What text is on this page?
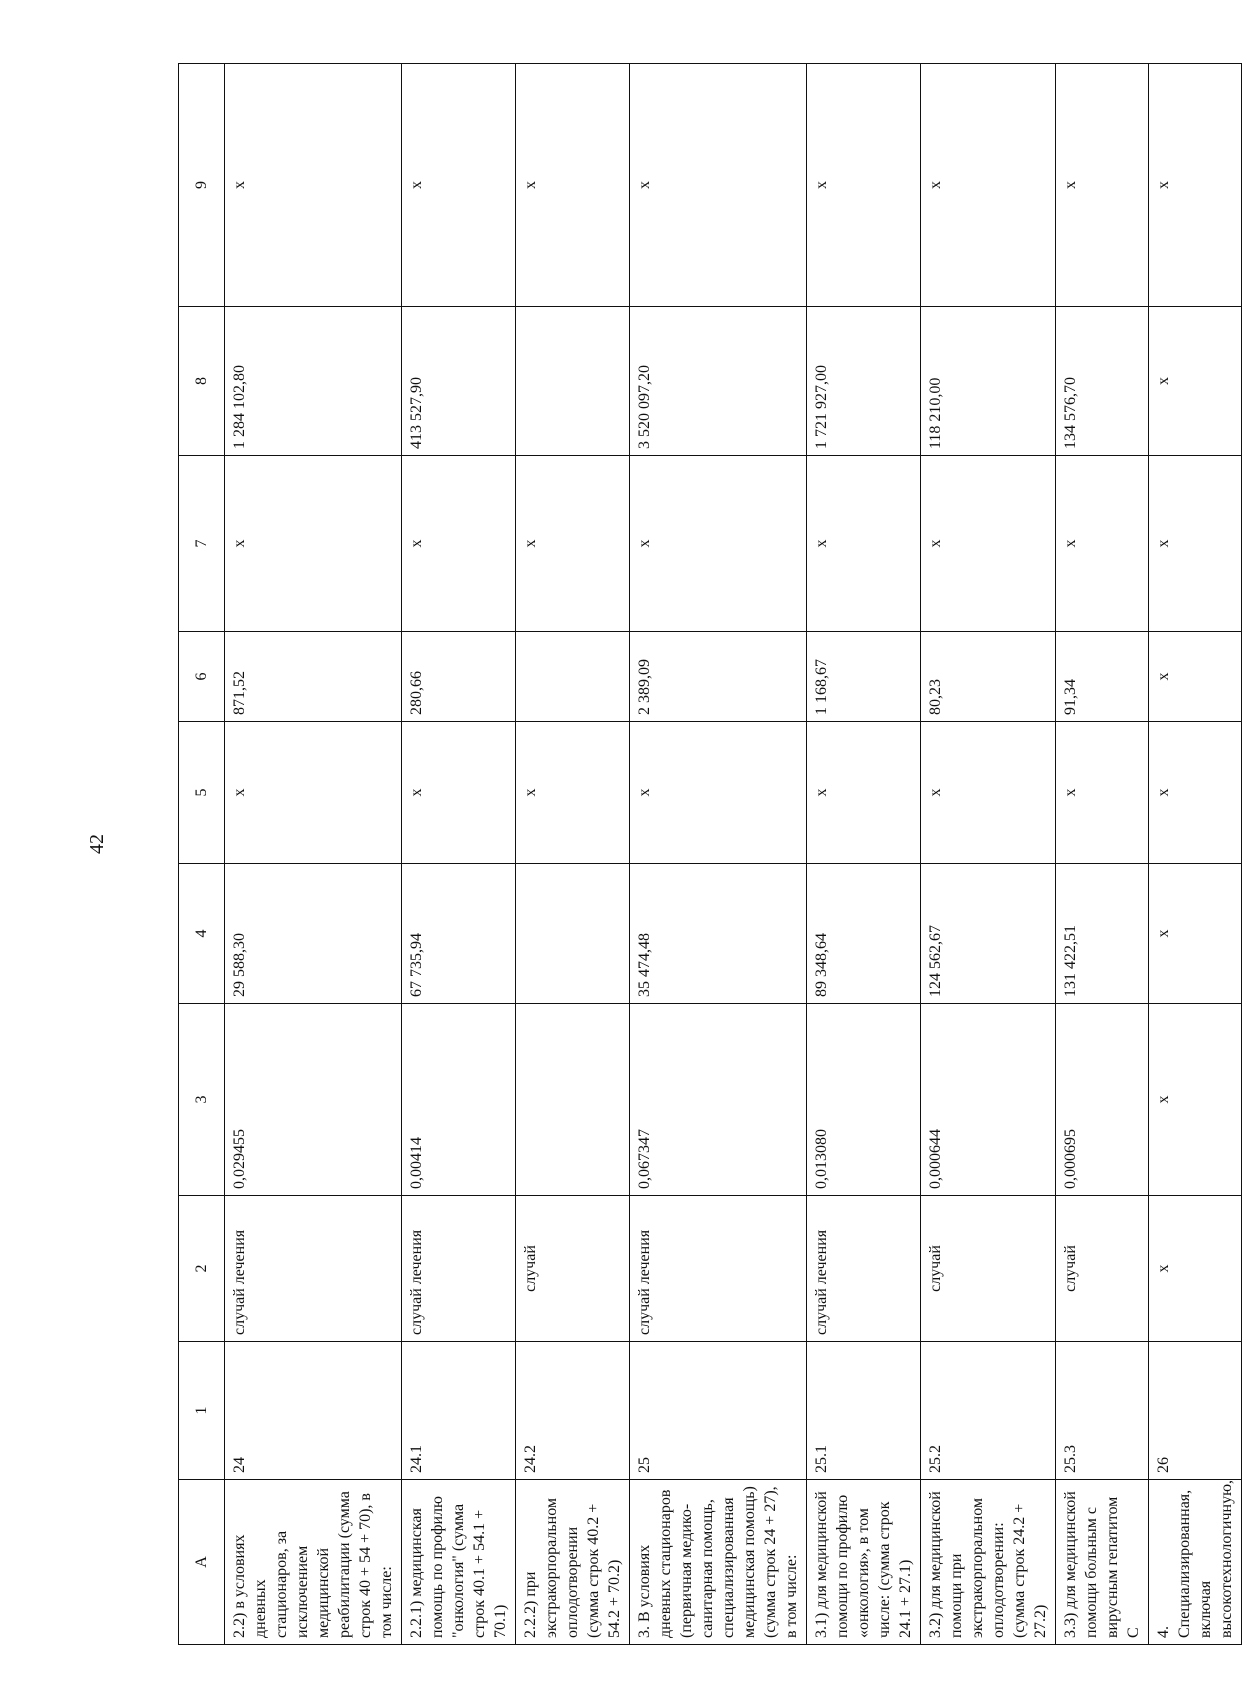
42
A	1	2	3	4	5	6	7	8	9
2.2) в условиях дневных стационаров, за исключением медицинской реабилитации (сумма строк 40 + 54 + 70), в том числе:	24	случай лечения	0,029455	29 588,30	x	871,52	x	1 284 102,80	x
2.2.1) медицинская помощь по профилю "онкология" (сумма строк 40.1 + 54.1 + 70.1)	24.1	случай лечения	0,00414	67 735,94	x	280,66	x	413 527,90	x
2.2.2) при экстракорпоральном оплодотворении (сумма строк 40.2 + 54.2 + 70.2)	24.2	случай			x		x		x
3. В условиях дневных стационаров (первичная медико-санитарная помощь, специализированная медицинская помощь) (сумма строк 24 + 27), в том числе:	25	случай лечения	0,067347	35 474,48	x	2 389,09	x	3 520 097,20	x
3.1) для медицинской помощи по профилю «онкология», в том числе: (сумма строк 24.1 + 27.1)	25.1	случай лечения	0,013080	89 348,64	x	1 168,67	x	1 721 927,00	x
3.2) для медицинской помощи при экстракорпоральном оплодотворении: (сумма строк 24.2 + 27.2)	25.2	случай	0,000644	124 562,67	x	80,23	x	118 210,00	x
3.3) для медицинской помощи больным с вирусным гепатитом С	25.3	случай	0,000695	131 422,51	x	91,34	x	134 576,70	x
4. Специализированная, включая высокотехнологичную,	26	x	x	x	x	x	x	x	x
